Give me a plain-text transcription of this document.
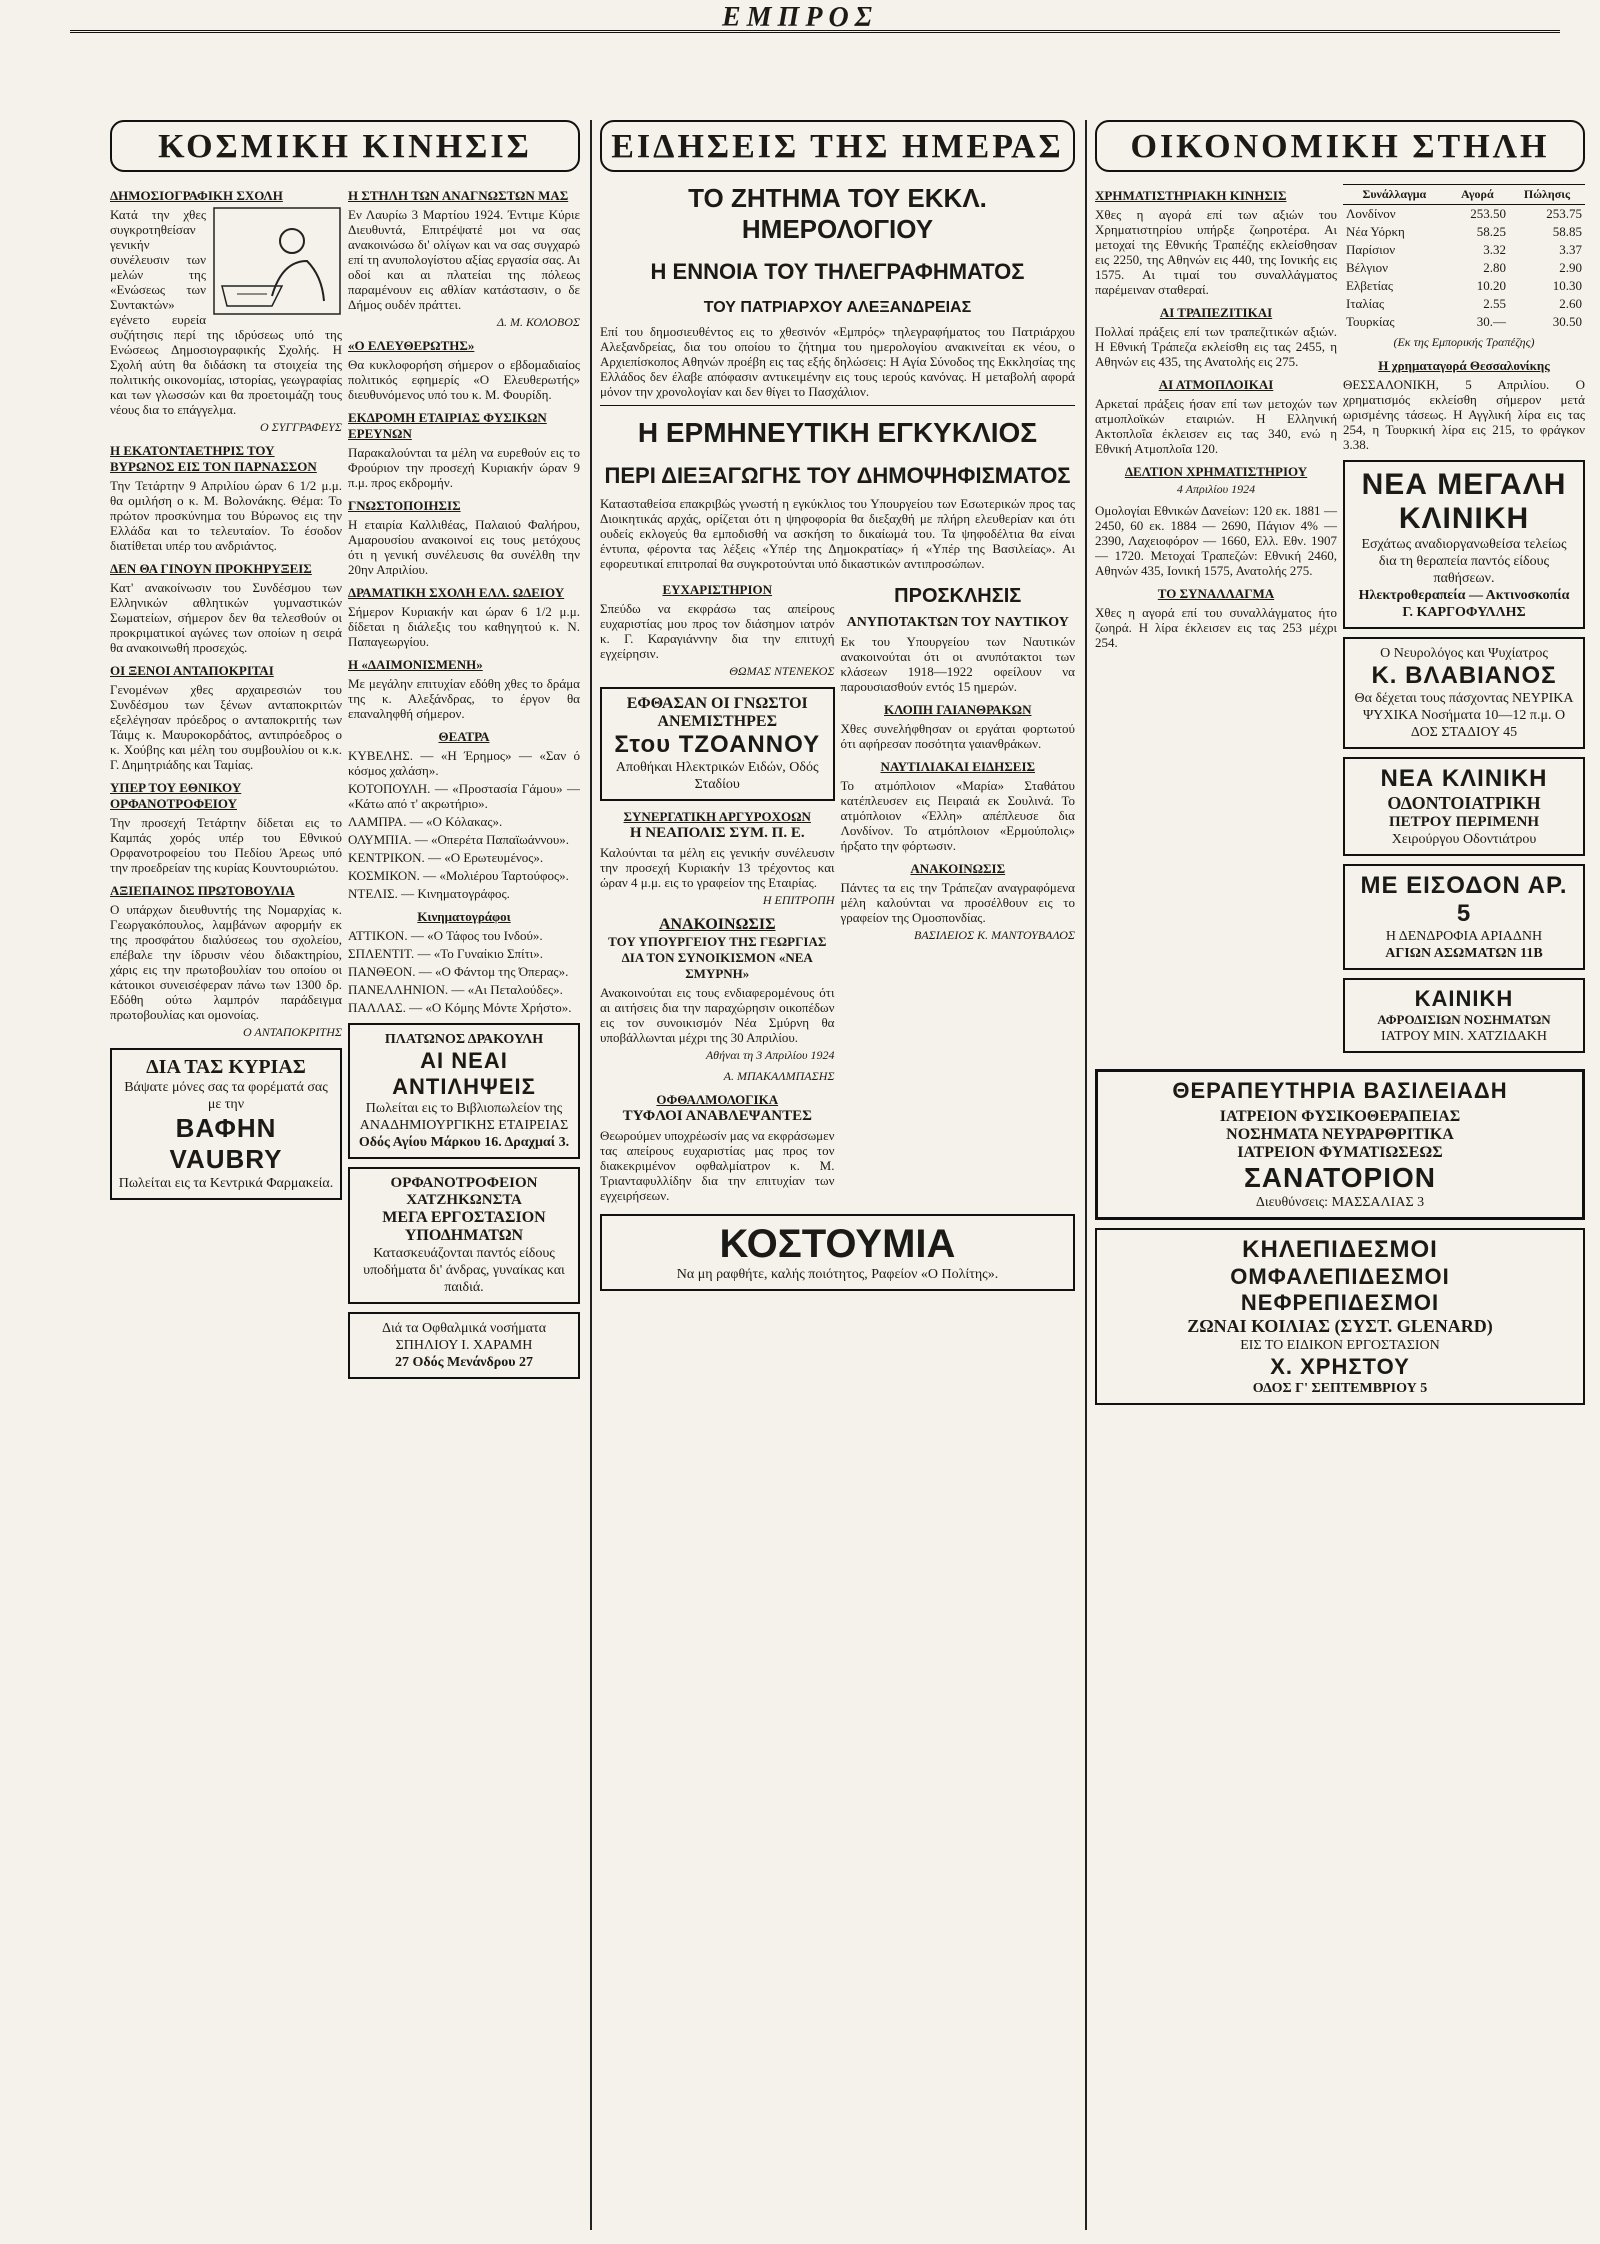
ΕΜΠΡΟΣ
ΚΟΣΜΙΚΗ ΚΙΝΗΣΙΣ
ΔΗΜΟΣΙΟΓΡΑΦΙΚΗ ΣΧΟΛΗ
Κατά την χθες συγκροτηθείσαν γενικήν συνέλευσιν των μελών της «Ενώσεως των Συντακτών» εγένετο ευρεία συζήτησις περί της ιδρύσεως υπό της Ενώσεως Δημοσιογραφικής Σχολής. Η Σχολή αύτη θα διδάσκη τα στοιχεία της πολιτικής οικονομίας, ιστορίας, γεωγραφίας και των γλωσσών και θα προετοιμάζη τους νέους δια το επάγγελμα.
Ο ΣΥΓΓΡΑΦΕΥΣ
Η ΕΚΑΤΟΝΤΑΕΤΗΡΙΣ ΤΟΥ ΒΥΡΩΝΟΣ ΕΙΣ ΤΟΝ ΠΑΡΝΑΣΣΟΝ
Την Τετάρτην 9 Απριλίου ώραν 6 1/2 μ.μ. θα ομιλήση ο κ. Μ. Βολονάκης. Θέμα: Το πρώτον προσκύνημα του Βύρωνος εις την Ελλάδα και το τελευταίον. Το έσοδον διατίθεται υπέρ του ανδριάντος.
ΔΕΝ ΘΑ ΓΙΝΟΥΝ ΠΡΟΚΗΡΥΞΕΙΣ
Κατ' ανακοίνωσιν του Συνδέσμου των Ελληνικών αθλητικών γυμναστικών Σωματείων, σήμερον δεν θα τελεσθούν οι προκριματικοί αγώνες των οποίων η σειρά θα ανακοινωθή προσεχώς.
ΟΙ ΞΕΝΟΙ ΑΝΤΑΠΟΚΡΙΤΑΙ
Γενομένων χθες αρχαιρεσιών του Συνδέσμου των ξένων ανταποκριτών εξελέγησαν πρόεδρος ο ανταποκριτής των Τάιμς κ. Μαυροκορδάτος, αντιπρόεδρος ο κ. Χούβης και μέλη του συμβουλίου οι κ.κ. Γ. Δημητριάδης και Ταμίας.
ΥΠΕΡ ΤΟΥ ΕΘΝΙΚΟΥ ΟΡΦΑΝΟΤΡΟΦΕΙΟΥ
Την προσεχή Τετάρτην δίδεται εις το Καμπάς χορός υπέρ του Εθνικού Ορφανοτροφείου του Πεδίου Άρεως υπό την προεδρείαν της κυρίας Κουντουριώτου.
ΑΞΙΕΠΑΙΝΟΣ ΠΡΩΤΟΒΟΥΛΙΑ
Ο υπάρχων διευθυντής της Νομαρχίας κ. Γεωργακόπουλος, λαμβάνων αφορμήν εκ της προσφάτου διαλύσεως του σχολείου, επέβαλε την ίδρυσιν νέου διδακτηρίου, χάρις εις την πρωτοβουλίαν του οποίου οι κάτοικοι συνεισέφεραν πάνω των 1300 δρ. Εδόθη ούτω λαμπρόν παράδειγμα πρωτοβουλίας και ομονοίας.
Ο ΑΝΤΑΠΟΚΡΙΤΗΣ
ΔΙΑ ΤΑΣ ΚΥΡΙΑΣ
Βάψατε μόνες σας τα φορέματά σας με την
ΒΑΦΗΝ VAUBRY
Πωλείται εις τα Κεντρικά Φαρμακεία.
Η ΣΤΗΛΗ ΤΩΝ ΑΝΑΓΝΩΣΤΩΝ ΜΑΣ
Εν Λαυρίω 3 Μαρτίου 1924. Έντιμε Κύριε Διευθυντά, Επιτρέψατέ μοι να σας ανακοινώσω δι' ολίγων και να σας συγχαρώ επί τη ανυπολογίστου αξίας εργασία σας. Αι οδοί και αι πλατείαι της πόλεως παραμένουν εις αθλίαν κατάστασιν, ο δε Δήμος ουδέν πράττει.
Δ. Μ. ΚΟΛΟΒΟΣ
«Ο ΕΛΕΥΘΕΡΩΤΗΣ»
Θα κυκλοφορήση σήμερον ο εβδομαδιαίος πολιτικός εφημερίς «Ο Ελευθερωτής» διευθυνόμενος υπό του κ. Μ. Φουρίδη.
ΕΚΔΡΟΜΗ ΕΤΑΙΡΙΑΣ ΦΥΣΙΚΩΝ ΕΡΕΥΝΩΝ
Παρακαλούνται τα μέλη να ευρεθούν εις το Φρούριον την προσεχή Κυριακήν ώραν 9 π.μ. προς εκδρομήν.
ΓΝΩΣΤΟΠΟΙΗΣΙΣ
Η εταιρία Καλλιθέας, Παλαιού Φαλήρου, Αμαρουσίου ανακοινοί εις τους μετόχους ότι η γενική συνέλευσις θα συνέλθη την 20ην Απριλίου.
ΔΡΑΜΑΤΙΚΗ ΣΧΟΛΗ ΕΛΛ. ΩΔΕΙΟΥ
Σήμερον Κυριακήν και ώραν 6 1/2 μ.μ. δίδεται η διάλεξις του καθηγητού κ. Ν. Παπαγεωργίου.
Η «ΔΑΙΜΟΝΙΣΜΕΝΗ»
Με μεγάλην επιτυχίαν εδόθη χθες το δράμα της κ. Αλεξάνδρας, το έργον θα επαναληφθή σήμερον.
ΘΕΑΤΡΑ
ΚΥΒΕΛΗΣ. — «Η Έρημος» — «Σαν ό κόσμος χαλάση».
ΚΟΤΟΠΟΥΛΗ. — «Προστασία Γάμου» — «Κάτω από τ' ακρωτήριο».
ΛΑΜΠΡΑ. — «Ο Κόλακας».
ΟΛΥΜΠΙΑ. — «Οπερέτα Παπαϊωάννου».
ΚΕΝΤΡΙΚΟΝ. — «Ο Ερωτευμένος».
ΚΟΣΜΙΚΟΝ. — «Μολιέρου Ταρτούφος».
ΝΤΕΛΙΣ. — Κινηματογράφος.
Κινηματογράφοι
ATTIKON. — «Ο Τάφος του Ινδού».
ΣΠΛΕΝΤΙΤ. — «Το Γυναίκιο Σπίτι».
ΠΑΝΘΕΟΝ. — «Ο Φάντομ της Όπερας».
ΠΑΝΕΛΛΗΝΙΟΝ. — «Αι Πεταλούδες».
ΠΑΛΛΑΣ. — «Ο Κόμης Μόντε Χρήστο».
ΠΛΑΤΩΝΟΣ ΔΡΑΚΟΥΛΗ
ΑΙ ΝΕΑΙ ΑΝΤΙΛΗΨΕΙΣ
Πωλείται εις το Βιβλιοπωλείον της ΑΝΑΔΗΜΙΟΥΡΓΙΚΗΣ ΕΤΑΙΡΕΙΑΣ
Οδός Αγίου Μάρκου 16. Δραχμαί 3.
ΟΡΦΑΝΟΤΡΟΦΕΙΟΝ ΧΑΤΖΗΚΩΝΣΤΑ
ΜΕΓΑ ΕΡΓΟΣΤΑΣΙΟΝ ΥΠΟΔΗΜΑΤΩΝ
Κατασκευάζονται παντός είδους υποδήματα δι' άνδρας, γυναίκας και παιδιά.
Διά τα Οφθαλμικά νοσήματα ΣΠΗΛΙΟΥ Ι. ΧΑΡΑΜΗ
27 Οδός Μενάνδρου 27
ΕΙΔΗΣΕΙΣ ΤΗΣ ΗΜΕΡΑΣ
ΤΟ ΖΗΤΗΜΑ ΤΟΥ ΕΚΚΛ. ΗΜΕΡΟΛΟΓΙΟΥ
Η ΕΝΝΟΙΑ ΤΟΥ ΤΗΛΕΓΡΑΦΗΜΑΤΟΣ
ΤΟΥ ΠΑΤΡΙΑΡΧΟΥ ΑΛΕΞΑΝΔΡΕΙΑΣ
Επί του δημοσιευθέντος εις το χθεσινόν «Εμπρός» τηλεγραφήματος του Πατριάρχου Αλεξανδρείας, δια του οποίου το ζήτημα του ημερολογίου ανακινείται εκ νέου, ο Αρχιεπίσκοπος Αθηνών προέβη εις τας εξής δηλώσεις: Η Αγία Σύνοδος της Εκκλησίας της Ελλάδος δεν έλαβε απόφασιν αντικειμένην εις τους ιερούς κανόνας. Η μεταβολή αφορά μόνον την χρονολογίαν και δεν θίγει το Πασχάλιον.
Η ΕΡΜΗΝΕΥΤΙΚΗ ΕΓΚΥΚΛΙΟΣ
ΠΕΡΙ ΔΙΕΞΑΓΩΓΗΣ ΤΟΥ ΔΗΜΟΨΗΦΙΣΜΑΤΟΣ
Κατασταθείσα επακριβώς γνωστή η εγκύκλιος του Υπουργείου των Εσωτερικών προς τας Διοικητικάς αρχάς, ορίζεται ότι η ψηφοφορία θα διεξαχθή με πλήρη ελευθερίαν και ότι ουδείς εκλογεύς θα εμποδισθή να ασκήση το δικαίωμά του. Τα ψηφοδέλτια θα είναι έντυπα, φέροντα τας λέξεις «Υπέρ της Δημοκρατίας» ή «Υπέρ της Βασιλείας». Αι εφορευτικαί επιτροπαί θα συγκροτούνται υπό δικαστικών αντιπροσώπων.
ΕΥΧΑΡΙΣΤΗΡΙΟΝ
Σπεύδω να εκφράσω τας απείρους ευχαριστίας μου προς τον διάσημον ιατρόν κ. Γ. Καραγιάννην δια την επιτυχή εγχείρησιν.
ΘΩΜΑΣ ΝΤΕΝΕΚΟΣ
ΕΦΘΑΣΑΝ ΟΙ ΓΝΩΣΤΟΙ ΑΝΕΜΙΣΤΗΡΕΣ
Στου ΤΖΟΑΝΝΟΥ
Αποθήκαι Ηλεκτρικών Ειδών, Οδός Σταδίου
ΣΥΝΕΡΓΑΤΙΚΗ ΑΡΓΥΡΟΧΟΩΝ
Η ΝΕΑΠΟΛΙΣ ΣΥΜ. Π. Ε.
Καλούνται τα μέλη εις γενικήν συνέλευσιν την προσεχή Κυριακήν 13 τρέχοντος και ώραν 4 μ.μ. εις το γραφείον της Εταιρίας.
Η ΕΠΙΤΡΟΠΗ
ΑΝΑΚΟΙΝΩΣΙΣ
ΤΟΥ ΥΠΟΥΡΓΕΙΟΥ ΤΗΣ ΓΕΩΡΓΙΑΣ ΔΙΑ ΤΟΝ ΣΥΝΟΙΚΙΣΜΟΝ «ΝΕΑ ΣΜΥΡΝΗ»
Ανακοινούται εις τους ενδιαφερομένους ότι αι αιτήσεις δια την παραχώρησιν οικοπέδων εις τον συνοικισμόν Νέα Σμύρνη θα υποβάλλωνται μέχρι της 30 Απριλίου.
Αθήναι τη 3 Απριλίου 1924
Α. ΜΠΑΚΑΛΜΠΑΣΗΣ
ΟΦΘΑΛΜΟΛΟΓΙΚΑ
ΤΥΦΛΟΙ ΑΝΑΒΛΕΨΑΝΤΕΣ
Θεωρούμεν υποχρέωσίν μας να εκφράσωμεν τας απείρους ευχαριστίας μας προς τον διακεκριμένον οφθαλμίατρον κ. Μ. Τριανταφυλλίδην δια την επιτυχίαν των εγχειρήσεων.
ΠΡΟΣΚΛΗΣΙΣ
ΑΝΥΠΟΤΑΚΤΩΝ ΤΟΥ ΝΑΥΤΙΚΟΥ
Εκ του Υπουργείου των Ναυτικών ανακοινούται ότι οι ανυπότακτοι των κλάσεων 1918—1922 οφείλουν να παρουσιασθούν εντός 15 ημερών.
ΚΛΟΠΗ ΓΑΙΑΝΘΡΑΚΩΝ
Χθες συνελήφθησαν οι εργάται φορτωτού ότι αφήρεσαν ποσότητα γαιανθράκων.
ΝΑΥΤΙΛΙΑΚΑΙ ΕΙΔΗΣΕΙΣ
Το ατμόπλοιον «Μαρία» Σταθάτου κατέπλευσεν εις Πειραιά εκ Σουλινά. Το ατμόπλοιον «Έλλη» απέπλευσε δια Λονδίνον. Το ατμόπλοιον «Ερμούπολις» ήρξατο την φόρτωσιν.
ΑΝΑΚΟΙΝΩΣΙΣ
Πάντες τα εις την Τράπεζαν αναγραφόμενα μέλη καλούνται να προσέλθουν εις το γραφείον της Ομοσπονδίας.
ΒΑΣΙΛΕΙΟΣ Κ. ΜΑΝΤΟΥΒΑΛΟΣ
ΚΟΣΤΟΥΜΙΑ
Να μη ραφθήτε, καλής ποιότητος, Ραφείον «Ο Πολίτης».
ΟΙΚΟΝΟΜΙΚΗ ΣΤΗΛΗ
ΧΡΗΜΑΤΙΣΤΗΡΙΑΚΗ ΚΙΝΗΣΙΣ
Χθες η αγορά επί των αξιών του Χρηματιστηρίου υπήρξε ζωηροτέρα. Αι μετοχαί της Εθνικής Τραπέζης εκλείσθησαν εις 2250, της Αθηνών εις 440, της Ιονικής εις 1575. Αι τιμαί του συναλλάγματος παρέμειναν σταθεραί.
ΑΙ ΤΡΑΠΕΖΙΤΙΚΑΙ
Πολλαί πράξεις επί των τραπεζιτικών αξιών. Η Εθνική Τράπεζα εκλείσθη εις τας 2455, η Αθηνών εις 435, της Ανατολής εις 275.
ΑΙ ΑΤΜΟΠΛΟΙΚΑΙ
Αρκεταί πράξεις ήσαν επί των μετοχών των ατμοπλοϊκών εταιριών. Η Ελληνική Ακτοπλοΐα έκλεισεν εις τας 340, ενώ η Εθνική Ατμοπλοΐα 120.
ΔΕΛΤΙΟΝ ΧΡΗΜΑΤΙΣΤΗΡΙΟΥ
4 Απριλίου 1924
Ομολογίαι Εθνικών Δανείων: 120 εκ. 1881 — 2450, 60 εκ. 1884 — 2690, Πάγιον 4% — 2390, Λαχειοφόρον — 1660, Ελλ. Εθν. 1907 — 1720. Μετοχαί Τραπεζών: Εθνική 2460, Αθηνών 435, Ιονική 1575, Ανατολής 275.
ΤΟ ΣΥΝΑΛΛΑΓΜΑ
Χθες η αγορά επί του συναλλάγματος ήτο ζωηρά. Η λίρα έκλεισεν εις τας 253 μέχρι 254.
Συνάλλαγμα	Αγορά	Πώλησις
Λονδίνον	253.50	253.75
Νέα Υόρκη	58.25	58.85
Παρίσιον	3.32	3.37
Βέλγιον	2.80	2.90
Ελβετίας	10.20	10.30
Ιταλίας	2.55	2.60
Τουρκίας	30.—	30.50
(Εκ της Εμπορικής Τραπέζης)
Η χρηματαγορά Θεσσαλονίκης
ΘΕΣΣΑΛΟΝΙΚΗ, 5 Απριλίου. Ο χρηματισμός εκλείσθη σήμερον μετά ωρισμένης τάσεως. Η Αγγλική λίρα εις τας 254, η Τουρκική λίρα εις 215, το φράγκον 3.38.
ΝΕΑ ΜΕΓΑΛΗ ΚΛΙΝΙΚΗ
Εσχάτως αναδιοργανωθείσα τελείως δια τη θεραπεία παντός είδους παθήσεων.
Ηλεκτροθεραπεία — Ακτινοσκοπία
Γ. ΚΑΡΓΟΦΥΛΛΗΣ
Ο Νευρολόγος και Ψυχίατρος
Κ. ΒΛΑΒΙΑΝΟΣ
Θα δέχεται τους πάσχοντας ΝΕΥΡΙΚΑ ΨΥΧΙΚΑ Νοσήματα 10—12 π.μ. Ο ΔΟΣ ΣΤΑΔΙΟΥ 45
ΝΕΑ ΚΛΙΝΙΚΗ
ΟΔΟΝΤΟΙΑΤΡΙΚΗ
ΠΕΤΡΟΥ ΠΕΡΙΜΕΝΗ
Χειρούργου Οδοντιάτρου
ΜΕ ΕΙΣΟΔΟΝ ΑΡ. 5
Η ΔΕΝΔΡΟΦΙΑ ΑΡΙΑΔΝΗ
ΑΓΙΩΝ ΑΣΩΜΑΤΩΝ 11Β
ΚΑΙΝΙΚΗ
ΑΦΡΟΔΙΣΙΩΝ ΝΟΣΗΜΑΤΩΝ
ΙΑΤΡΟΥ ΜΙΝ. ΧΑΤΖΙΔΑΚΗ
ΘΕΡΑΠΕΥΤΗΡΙΑ ΒΑΣΙΛΕΙΑΔΗ
ΙΑΤΡΕΙΟΝ ΦΥΣΙΚΟΘΕΡΑΠΕΙΑΣ
ΝΟΣΗΜΑΤΑ ΝΕΥΡΑΡΘΡΙΤΙΚΑ
ΙΑΤΡΕΙΟΝ ΦΥΜΑΤΙΩΣΕΩΣ
ΣΑΝΑΤΟΡΙΟΝ
Διευθύνσεις: ΜΑΣΣΑΛΙΑΣ 3
ΚΗΛΕΠΙΔΕΣΜΟΙ
ΟΜΦΑΛΕΠΙΔΕΣΜΟΙ
ΝΕΦΡΕΠΙΔΕΣΜΟΙ
ΖΩΝΑΙ ΚΟΙΛΙΑΣ (ΣΥΣΤ. GLENARD)
ΕΙΣ ΤΟ ΕΙΔΙΚΟΝ ΕΡΓΟΣΤΑΣΙΟΝ
Χ. ΧΡΗΣΤΟΥ
ΟΔΟΣ Γ' ΣΕΠΤΕΜΒΡΙΟΥ 5
